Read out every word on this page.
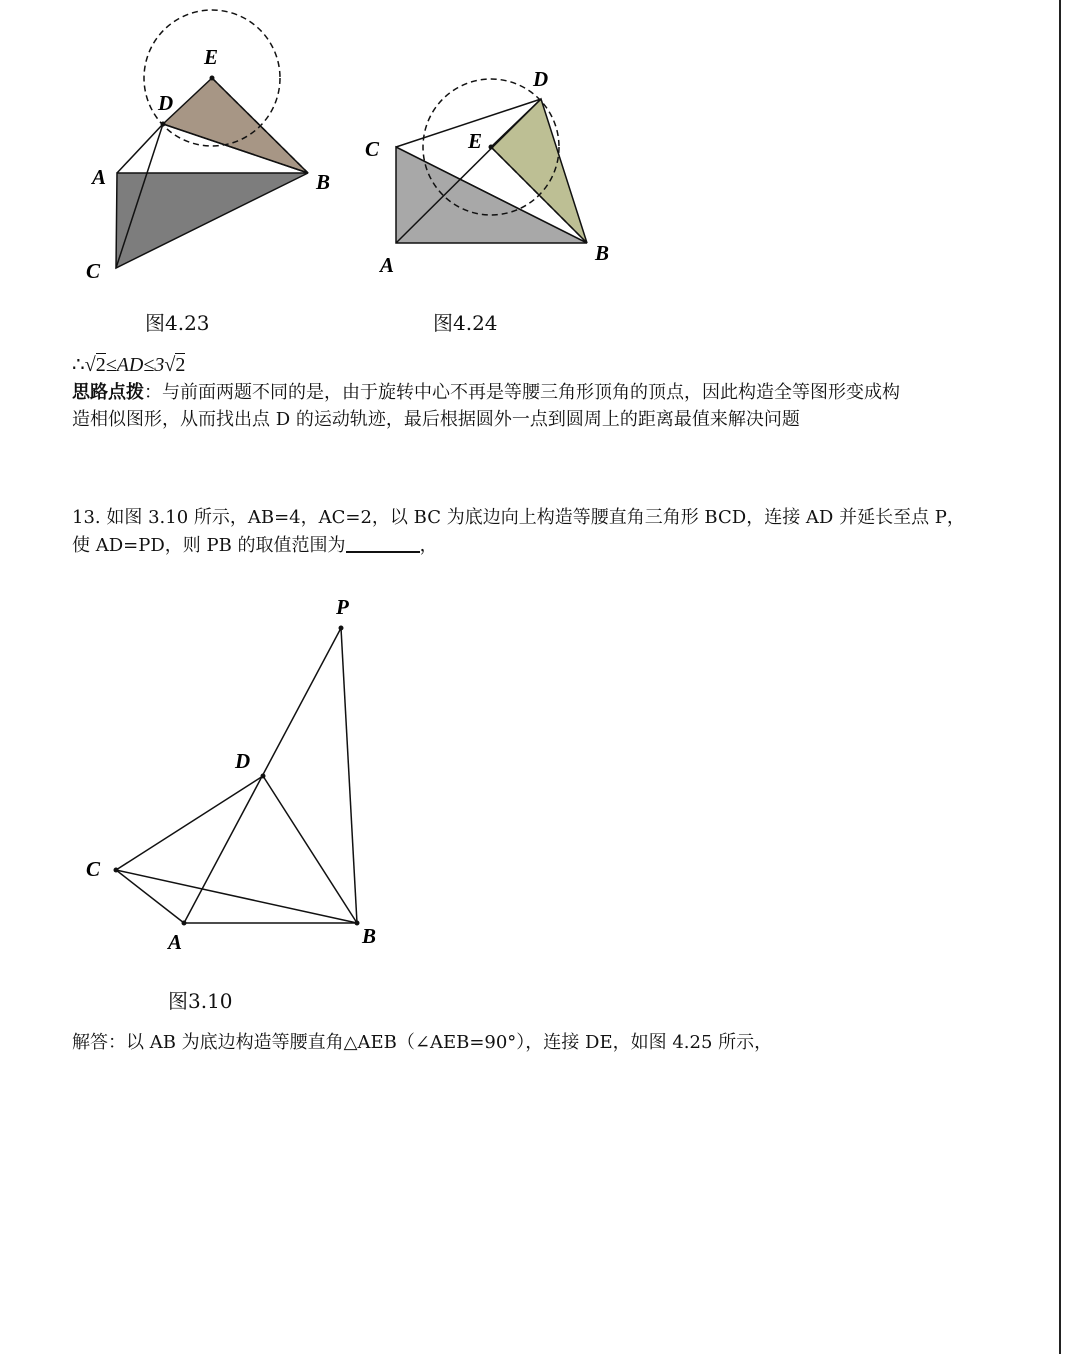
E
D
A	B
C
图4.23
D
C	E
A	B
图4.24
∴√2≤AD≤3√2
思路点拨：与前面两题不同的是，由于旋转中心不再是等腰三角形顶角的顶点，因此构造全等图形变成构
造相似图形，从而找出点 D 的运动轨迹，最后根据圆外一点到圆周上的距离最值来解决问题
13. 如图 3.10 所示，AB=4，AC=2，以 BC 为底边向上构造等腰直角三角形 BCD，连接 AD 并延长至点 P，
使 AD=PD，则 PB 的取值范围为	，
P
D
C
A	B
图3.10
解答：以 AB 为底边构造等腰直角△AEB（∠AEB=90°），连接 DE，如图 4.25 所示，
